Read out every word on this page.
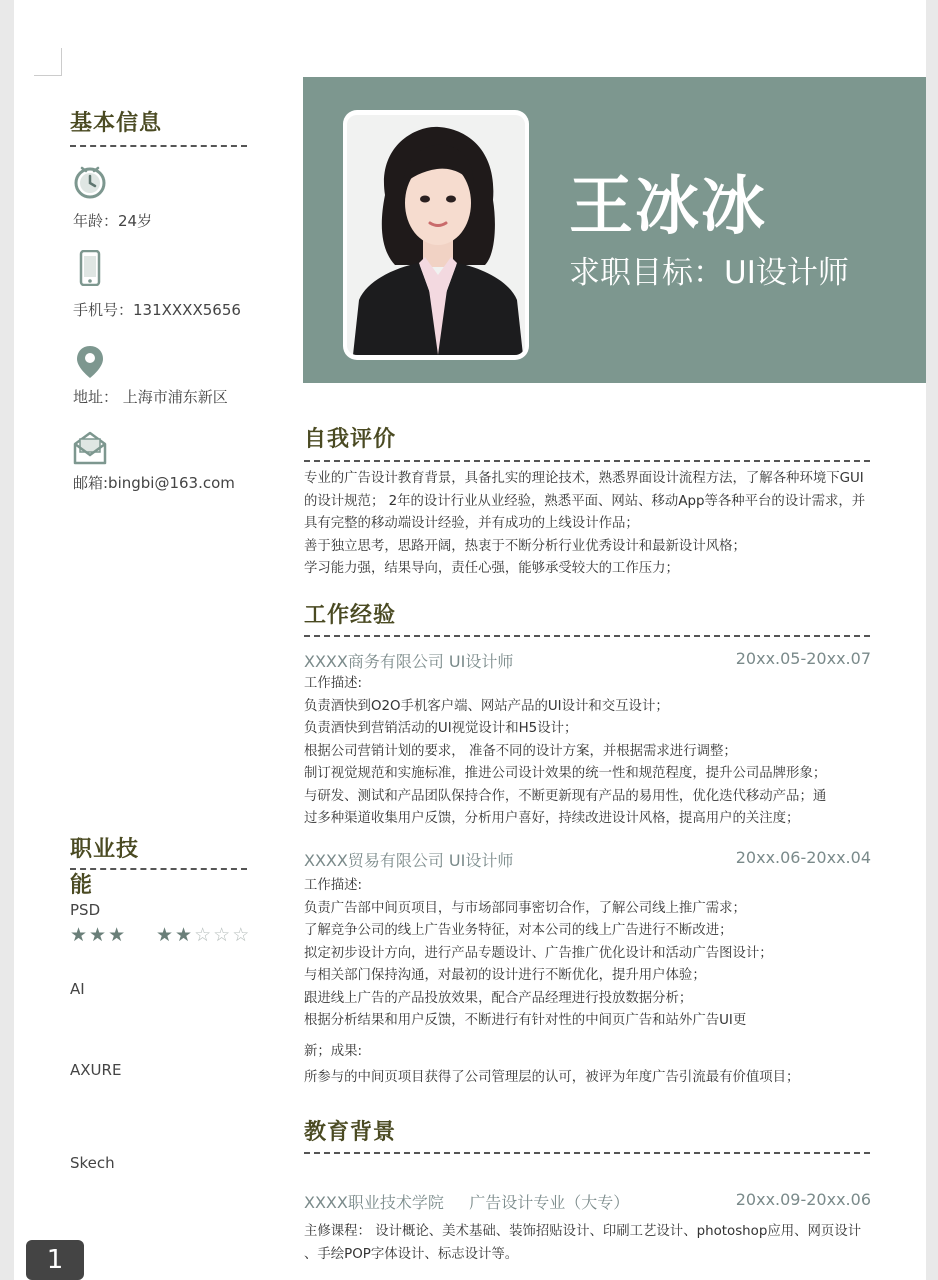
基本信息
年龄：24岁
手机号：131XXXX5656
地址： 上海市浦东新区
邮箱:bingbi@163.com
职业技
能
PSD
★★★ ★★☆☆☆
AI
AXURE
Skech
王冰冰
求职目标：UI设计师
自我评价
专业的广告设计教育背景，具备扎实的理论技术，熟悉界面设计流程方法，了解各种环境下GUI
的设计规范； 2年的设计行业从业经验，熟悉平面、网站、移动App等各种平台的设计需求，并
具有完整的移动端设计经验，并有成功的上线设计作品；
善于独立思考，思路开阔，热衷于不断分析行业优秀设计和最新设计风格；
学习能力强，结果导向，责任心强，能够承受较大的工作压力；
工作经验
XXXX商务有限公司 UI设计师	20xx.05-20xx.07
工作描述:
负责酒快到O2O手机客户端、网站产品的UI设计和交互设计；
负责酒快到营销活动的UI视觉设计和H5设计；
根据公司营销计划的要求， 准备不同的设计方案，并根据需求进行调整；
制订视觉规范和实施标准，推进公司设计效果的统一性和规范程度，提升公司品牌形象；
与研发、测试和产品团队保持合作，不断更新现有产品的易用性，优化迭代移动产品；通
过多种渠道收集用户反馈，分析用户喜好，持续改进设计风格，提高用户的关注度；
XXXX贸易有限公司 UI设计师	20xx.06-20xx.04
工作描述:
负责广告部中间页项目，与市场部同事密切合作，了解公司线上推广需求；
了解竞争公司的线上广告业务特征，对本公司的线上广告进行不断改进；
拟定初步设计方向，进行产品专题设计、广告推广优化设计和活动广告图设计；
与相关部门保持沟通，对最初的设计进行不断优化，提升用户体验；
跟进线上广告的产品投放效果，配合产品经理进行投放数据分析；
根据分析结果和用户反馈，不断进行有针对性的中间页广告和站外广告UI更
新；成果:
所参与的中间页项目获得了公司管理层的认可，被评为年度广告引流最有价值项目；
教育背景
XXXX职业技术学院     广告设计专业（大专）	20xx.09-20xx.06
主修课程： 设计概论、美术基础、装饰招贴设计、印刷工艺设计、photoshop应用、网页设计
、手绘POP字体设计、标志设计等。
1
